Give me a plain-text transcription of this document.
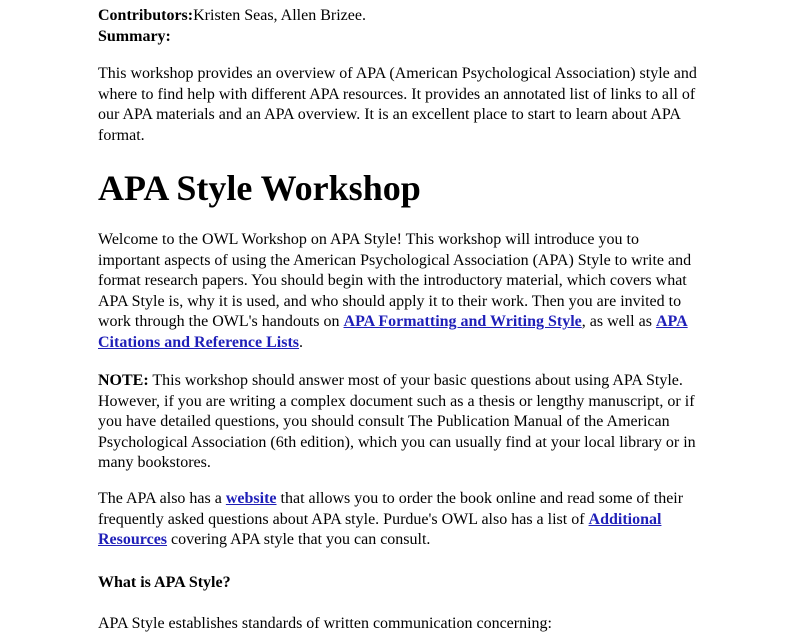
Contributors:Kristen Seas, Allen Brizee.
Summary:
This workshop provides an overview of APA (American Psychological Association) style and where to find help with different APA resources. It provides an annotated list of links to all of our APA materials and an APA overview. It is an excellent place to start to learn about APA format.
APA Style Workshop
Welcome to the OWL Workshop on APA Style! This workshop will introduce you to important aspects of using the American Psychological Association (APA) Style to write and format research papers. You should begin with the introductory material, which covers what APA Style is, why it is used, and who should apply it to their work. Then you are invited to work through the OWL's handouts on APA Formatting and Writing Style, as well as APA Citations and Reference Lists.
NOTE: This workshop should answer most of your basic questions about using APA Style. However, if you are writing a complex document such as a thesis or lengthy manuscript, or if you have detailed questions, you should consult The Publication Manual of the American Psychological Association (6th edition), which you can usually find at your local library or in many bookstores.
The APA also has a website that allows you to order the book online and read some of their frequently asked questions about APA style. Purdue's OWL also has a list of Additional Resources covering APA style that you can consult.
What is APA Style?
APA Style establishes standards of written communication concerning:
